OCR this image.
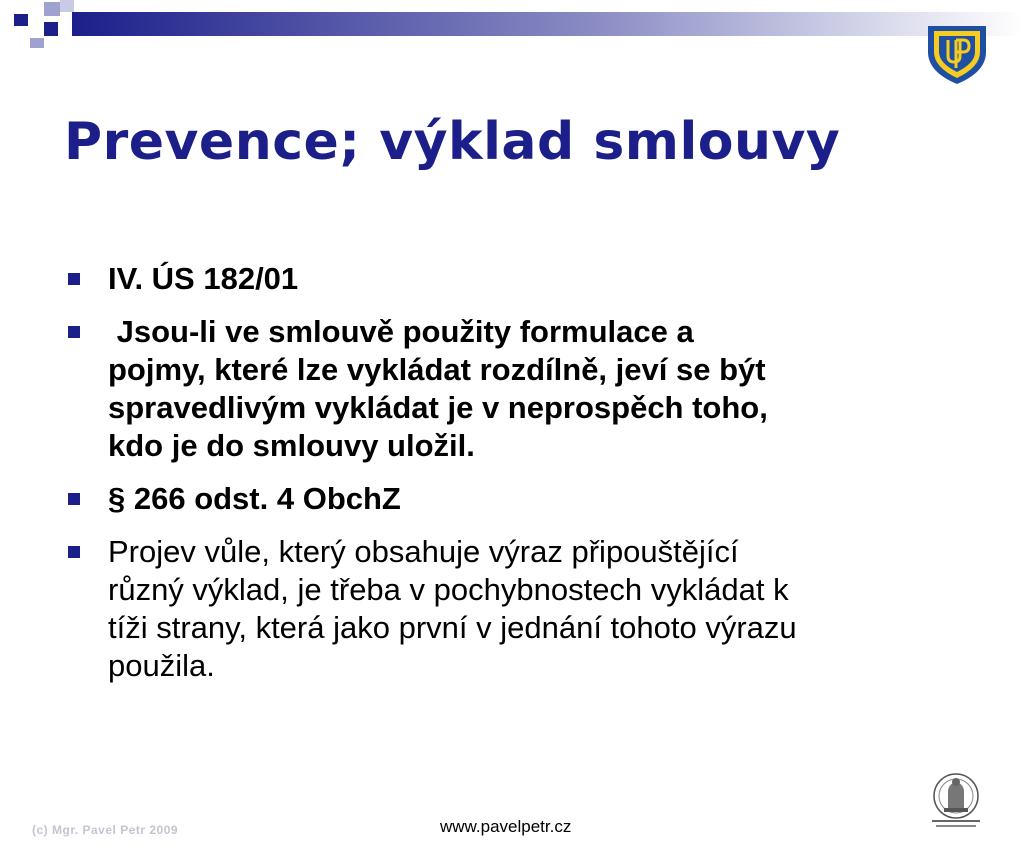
Prevence; výklad smlouvy
IV. ÚS 182/01
Jsou-li ve smlouvě použity formulace a
pojmy, které lze vykládat rozdílně, jeví se být
spravedlivým vykládat je v neprospěch toho,
kdo je do smlouvy uložil.
§ 266 odst. 4 ObchZ
Projev vůle, který obsahuje výraz připouštějící
různý výklad, je třeba v pochybnostech vykládat k
tíži strany, která jako první v jednání tohoto výrazu
použila.
(c) Mgr. Pavel Petr 2009	www.pavelpetr.cz
